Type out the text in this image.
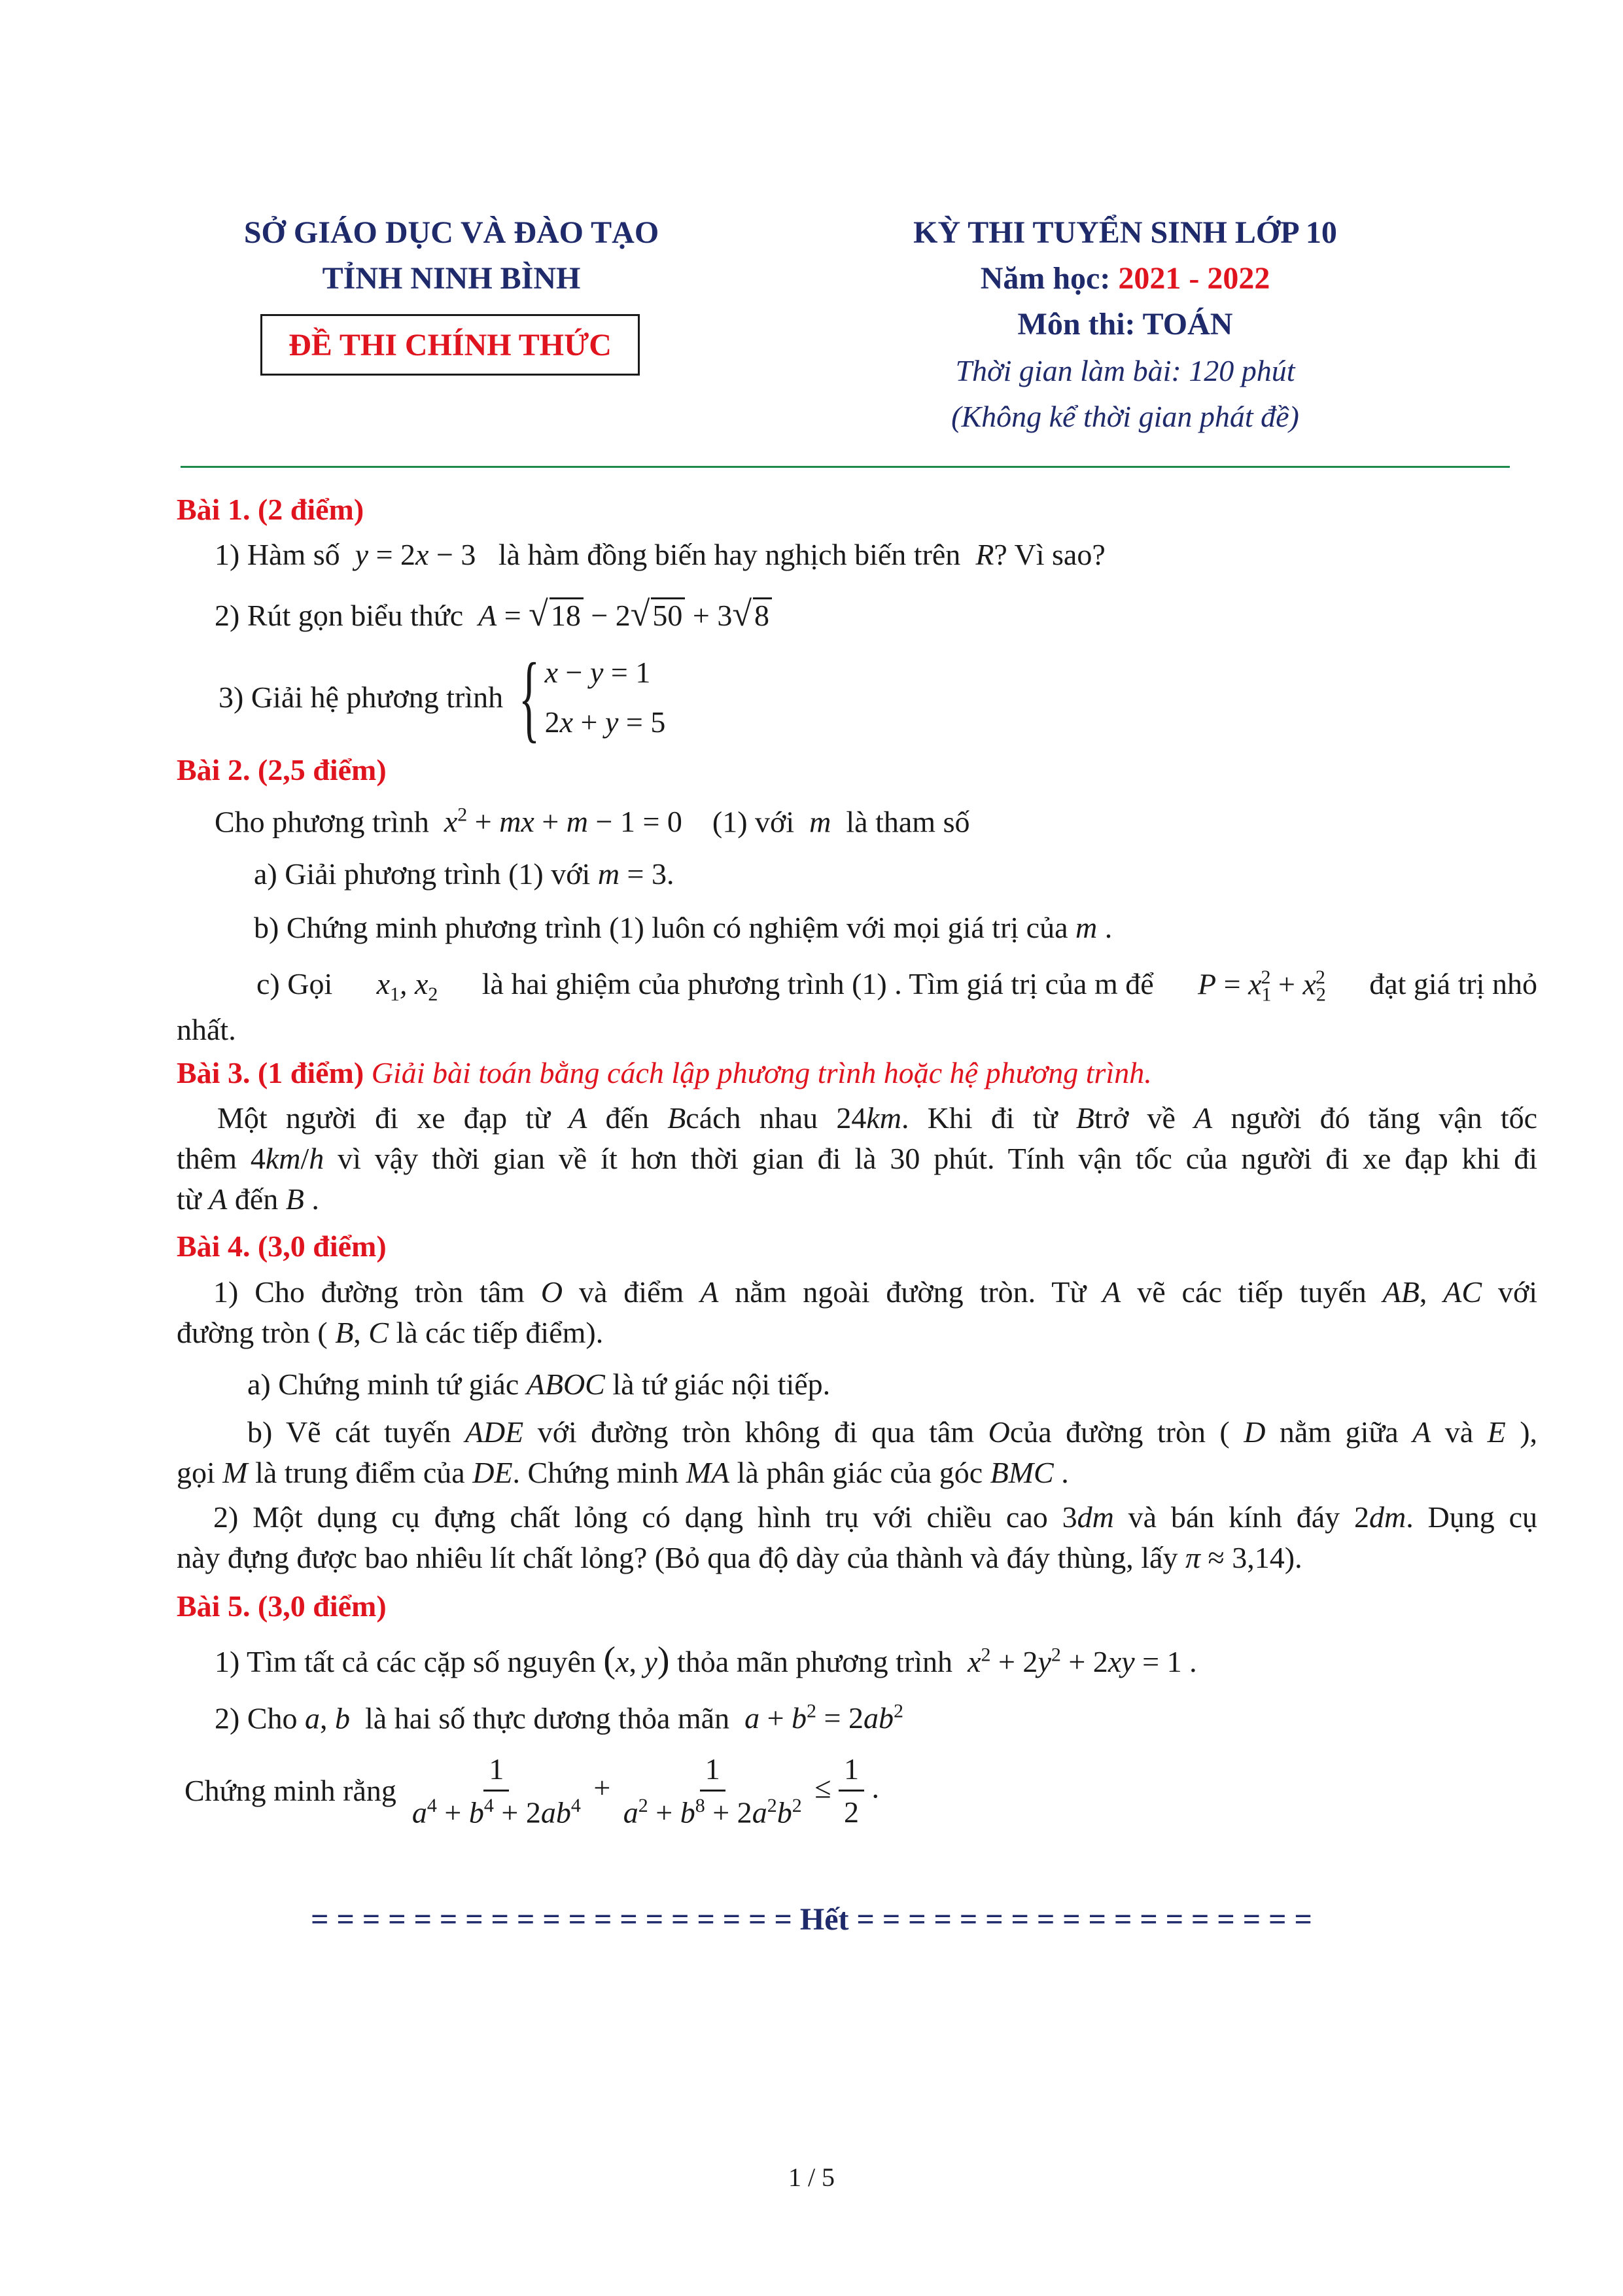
SỞ GIÁO DỤC VÀ ĐÀO TẠO
TỈNH NINH BÌNH
ĐỀ THI CHÍNH THỨC
KỲ THI TUYỂN SINH LỚP 10
Năm học: 2021 - 2022
Môn thi: TOÁN
Thời gian làm bài: 120 phút
(Không kể thời gian phát đề)
Bài 1. (2 điểm)
1) Hàm số  y = 2x − 3 là hàm đồng biến hay nghịch biến trên  R? Vì sao?
2) Rút gọn biểu thức A = √18 − 2√50 + 3√8
3) Giải hệ phương trình
{ x − y = 1
2x + y = 5
Bài 2. (2,5 điểm)
Cho phương trình $x^2$ + mx + m − 1 = 0    (1) với  m  là tham số
a) Giải phương trình (1) với m = 3.
b) Chứng minh phương trình (1) luôn có nghiệm với mọi giá trị của m .
c) Gọi $x_1$, $x_2$ là hai ghiệm của phương trình (1) . Tìm giá trị của m để $P = x_1^2 + x_2^2$ đạt giá trị nhỏ
nhất.
Bài 3. (1 điểm) Giải bài toán bằng cách lập phương trình hoặc hệ phương trình.
Một người đi xe đạp từ A đến Bcách nhau 24km. Khi đi từ Btrở về A người đó tăng vận tốc
thêm 4km/h vì vậy thời gian về ít hơn thời gian đi là 30 phút. Tính vận tốc của người đi xe đạp khi đi
từ A đến B .
Bài 4. (3,0 điểm)
1) Cho đường tròn tâm O và điểm A nằm ngoài đường tròn. Từ A vẽ các tiếp tuyến AB, AC với
đường tròn ( B, C là các tiếp điểm).
a) Chứng minh tứ giác ABOC là tứ giác nội tiếp.
b) Vẽ cát tuyến ADE với đường tròn không đi qua tâm Ocủa đường tròn ( D nằm giữa A và E ),
gọi M là trung điểm của DE. Chứng minh MA là phân giác của góc BMC .
2) Một dụng cụ đựng chất lỏng có dạng hình trụ với chiều cao 3dm và bán kính đáy 2dm. Dụng cụ
này đựng được bao nhiêu lít chất lỏng? (Bỏ qua độ dày của thành và đáy thùng, lấy π ≈ 3,14).
Bài 5. (3,0 điểm)
1) Tìm tất cả các cặp số nguyên (x, y) thỏa mãn phương trình $x^2 + 2y^2 + 2xy = 1$ .
2) Cho a, b là hai số thực dương thỏa mãn $a + b^2 = 2ab^2$
Chứng minh rằng $\frac{1}{a^4 + b^4 + 2ab^4} + \frac{1}{a^2 + b^8 + 2a^2b^2} \le \frac{1}{2}$ .
= = = = = = = = = = = = = = = = = = = Hết = = = = = = = = = = = = = = = = = =
1 / 5
